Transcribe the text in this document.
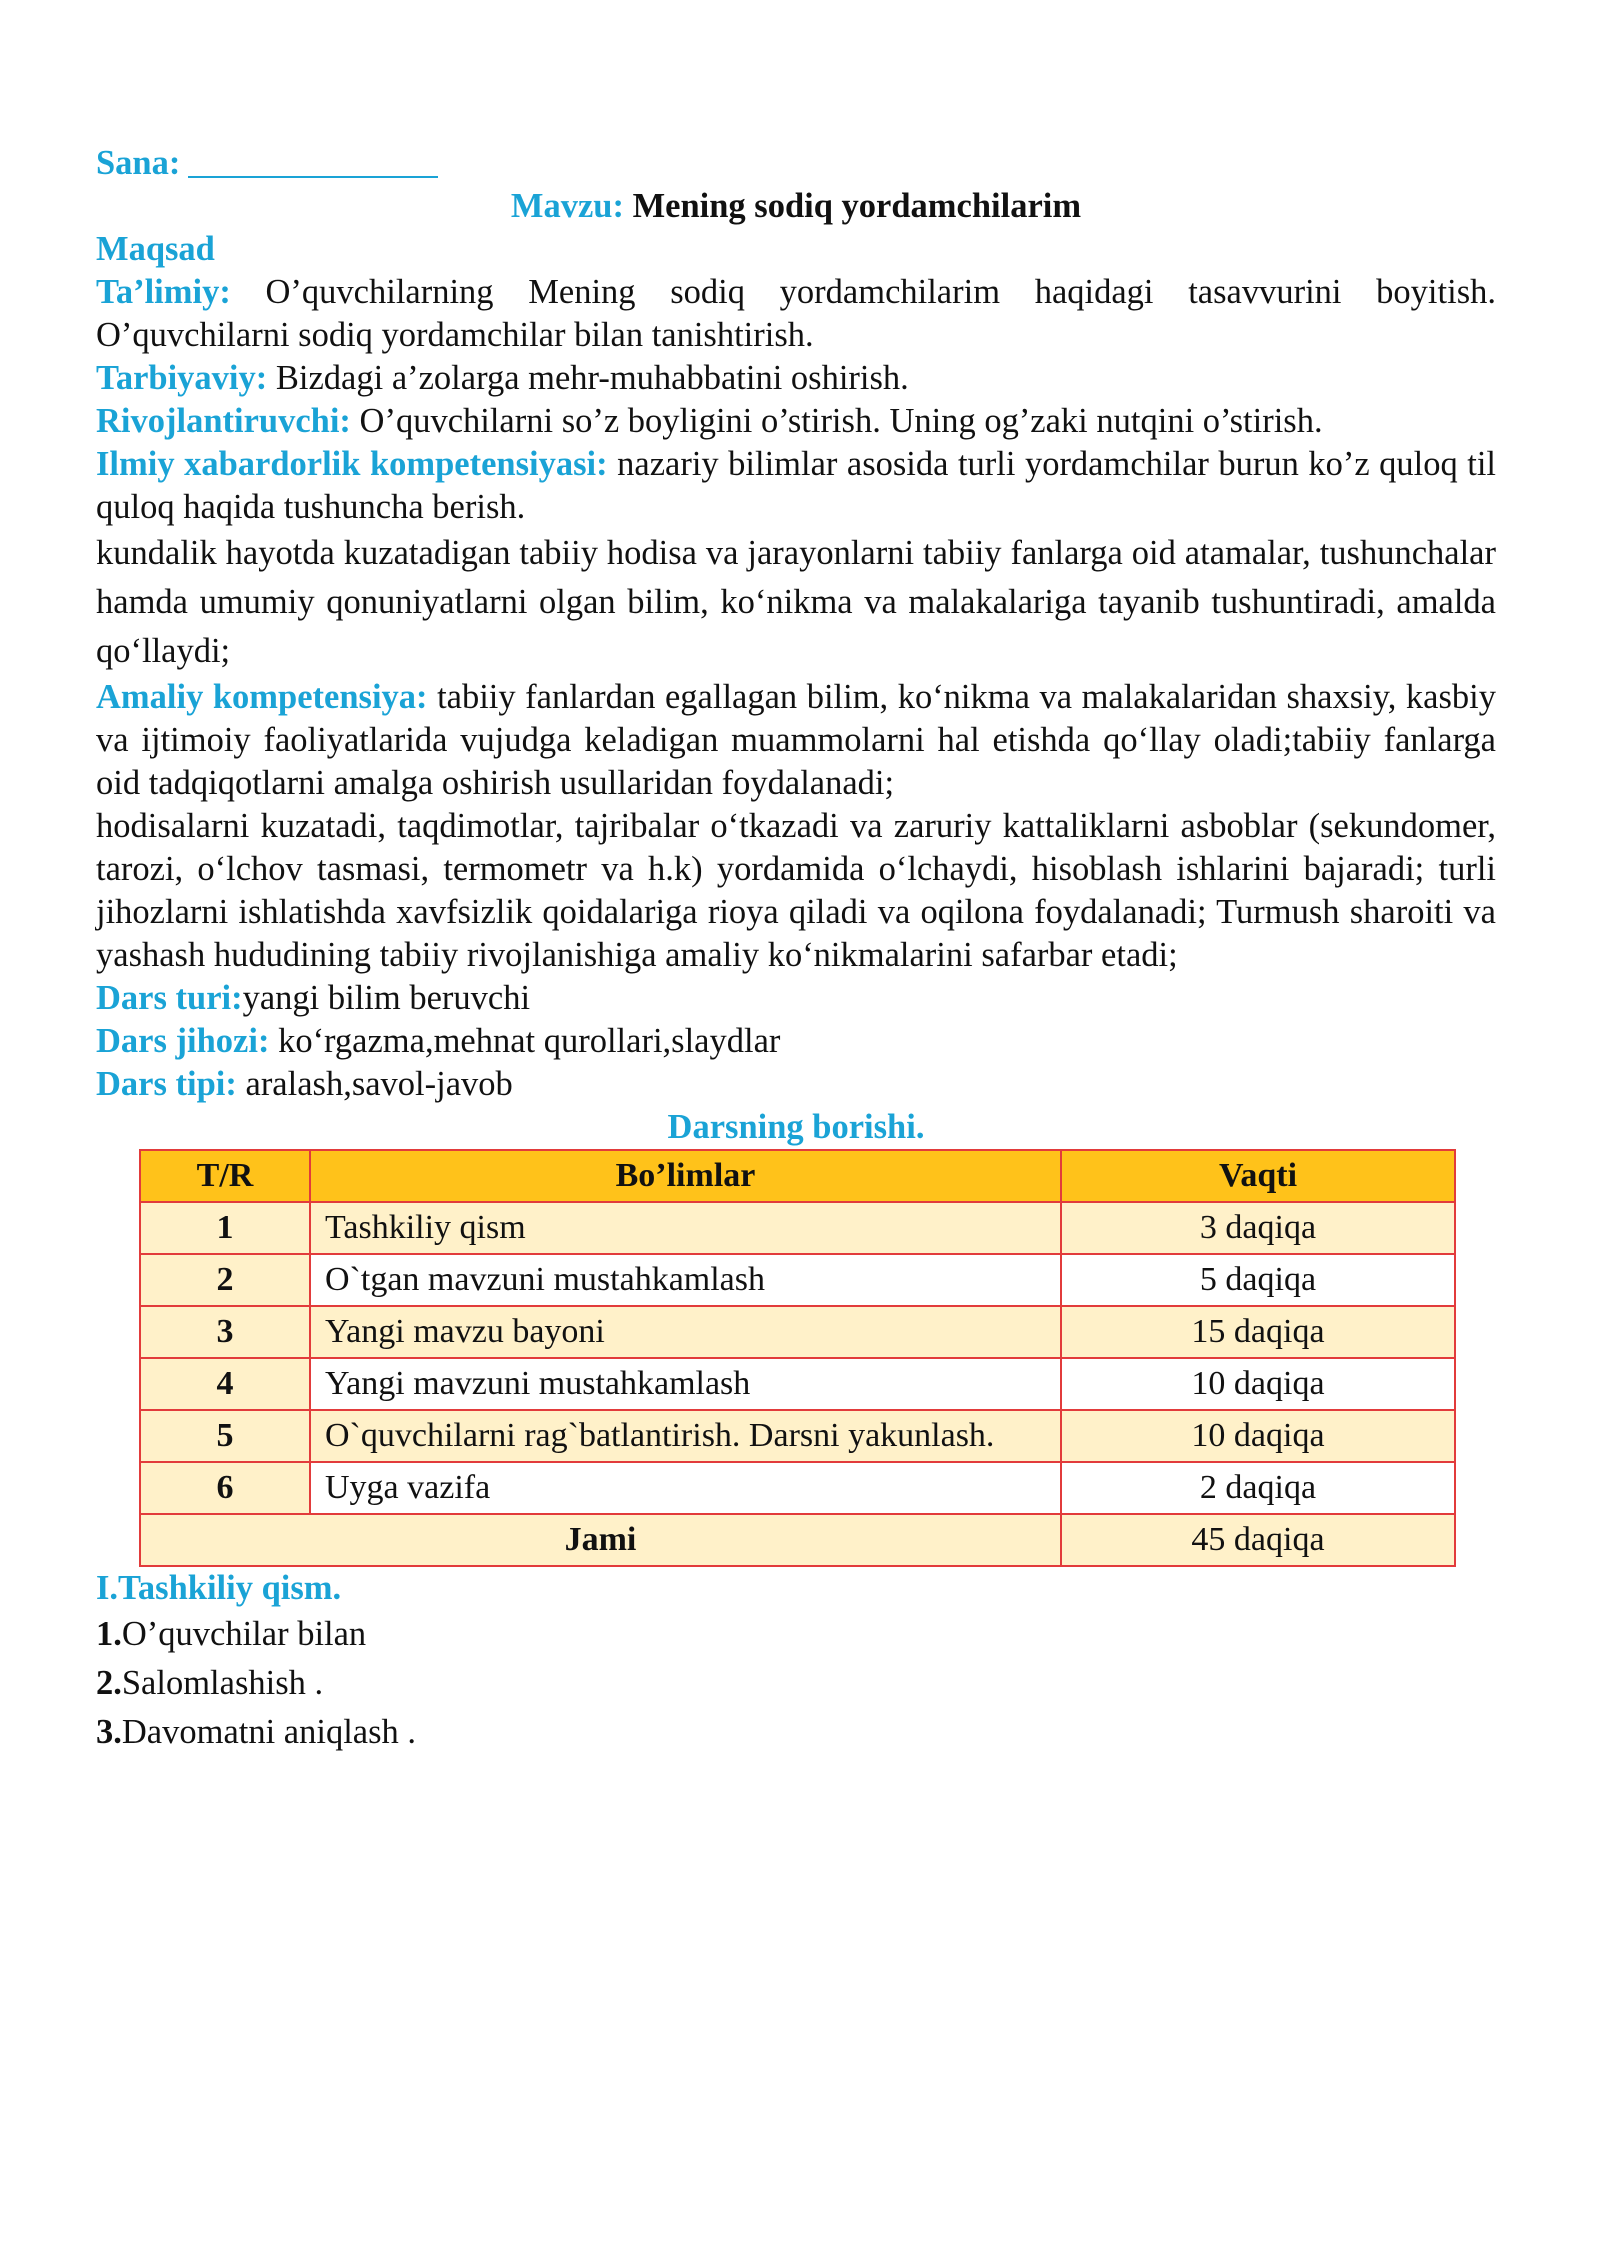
Sana:

Mavzu: Mening sodiq yordamchilarim

Maqsad

Ta’limiy: O’quvchilarning Mening sodiq yordamchilarim haqidagi tasavvurini boyitish. O’quvchilarni sodiq yordamchilar bilan tanishtirish.

Tarbiyaviy: Bizdagi a’zolarga mehr-muhabbatini oshirish.

Rivojlantiruvchi: O’quvchilarni so’z boyligini o’stirish. Uning og’zaki nutqini o’stirish.

Ilmiy xabardorlik kompetensiyasi: nazariy bilimlar asosida turli yordamchilar burun ko’z quloq til quloq haqida tushuncha berish.

kundalik hayotda kuzatadigan tabiiy hodisa va jarayonlarni tabiiy fanlarga oid atamalar, tushunchalar hamda umumiy qonuniyatlarni olgan bilim, koʻnikma va malakalariga tayanib tushuntiradi, amalda qoʻllaydi;

Amaliy kompetensiya: tabiiy fanlardan egallagan bilim, koʻnikma va malakalaridan shaxsiy, kasbiy va ijtimoiy faoliyatlarida vujudga keladigan muammolarni hal etishda qoʻllay oladi;tabiiy fanlarga oid tadqiqotlarni amalga oshirish usullaridan foydalanadi;

hodisalarni kuzatadi, taqdimotlar, tajribalar oʻtkazadi va zaruriy kattaliklarni asboblar (sekundomer, tarozi, oʻlchov tasmasi, termometr va h.k) yordamida oʻlchaydi, hisoblash ishlarini bajaradi; turli jihozlarni ishlatishda xavfsizlik qoidalariga rioya qiladi va oqilona foydalanadi; Turmush sharoiti va yashash hududining tabiiy rivojlanishiga amaliy koʻnikmalarini safarbar etadi;

Dars turi:yangi bilim beruvchi

Dars jihozi: koʻrgazma,mehnat qurollari,slaydlar

Dars tipi: aralash,savol-javob

Darsning borishi.

T/R	Bo’limlar	Vaqti
1	Tashkiliy qism	3 daqiqa
2	O`tgan mavzuni mustahkamlash	5 daqiqa
3	Yangi mavzu bayoni	15 daqiqa
4	Yangi mavzuni mustahkamlash	10 daqiqa
5	O`quvchilarni rag`batlantirish. Darsni yakunlash.	10 daqiqa
6	Uyga vazifa	2 daqiqa
Jami		45 daqiqa

I.Tashkiliy qism.

1.O’quvchilar bilan

2.Salomlashish .

3.Davomatni aniqlash .
